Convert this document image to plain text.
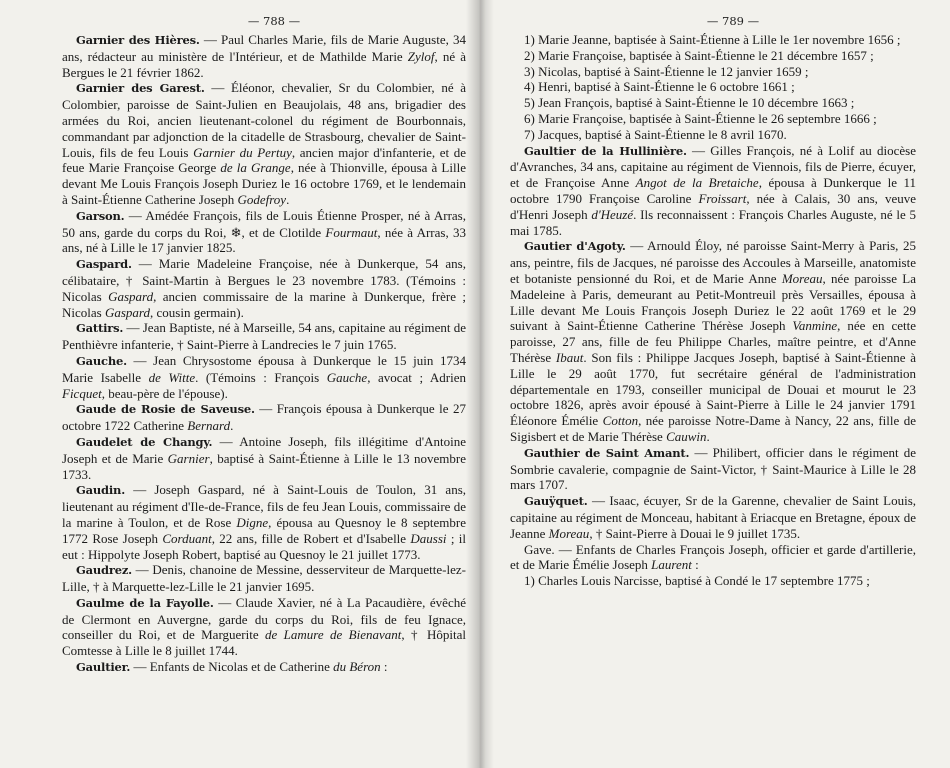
— 788 —

Garnier des Hières. — Paul Charles Marie, fils de Marie Auguste, 34 ans, rédacteur au ministère de l'Intérieur, et de Mathilde Marie Zylof, né à Bergues le 21 février 1862.

Garnier des Garest. — Éléonor, chevalier, Sr du Colombier, né à Colombier, paroisse de Saint-Julien en Beaujolais, 48 ans, brigadier des armées du Roi, ancien lieutenant-colonel du régiment de Bourbonnais, commandant par adjonction de la citadelle de Strasbourg, chevalier de Saint-Louis, fils de feu Louis Garnier du Pertuy, ancien major d'infanterie, et de feue Marie Françoise George de la Grange, née à Thionville, épousa à Lille devant Me Louis François Joseph Duriez le 16 octobre 1769, et le lendemain à Saint-Étienne Catherine Joseph Godefroy.

Garson. — Amédée François, fils de Louis Étienne Prosper, né à Arras, 50 ans, garde du corps du Roi, ❄, et de Clotilde Fourmaut, née à Arras, 33 ans, né à Lille le 17 janvier 1825.

Gaspard. — Marie Madeleine Françoise, née à Dunkerque, 54 ans, célibataire, † Saint-Martin à Bergues le 23 novembre 1783. (Témoins : Nicolas Gaspard, ancien commissaire de la marine à Dunkerque, frère ; Nicolas Gaspard, cousin germain).

Gattirs. — Jean Baptiste, né à Marseille, 54 ans, capitaine au régiment de Penthièvre infanterie, † Saint-Pierre à Landrecies le 7 juin 1765.

Gauche. — Jean Chrysostome épousa à Dunkerque le 15 juin 1734 Marie Isabelle de Witte. (Témoins : François Gauche, avocat ; Adrien Ficquet, beau-père de l'épouse).

Gaude de Rosie de Saveuse. — François épousa à Dunkerque le 27 octobre 1722 Catherine Bernard.

Gaudelet de Changy. — Antoine Joseph, fils illégitime d'Antoine Joseph et de Marie Garnier, baptisé à Saint-Étienne à Lille le 13 novembre 1733.

Gaudin. — Joseph Gaspard, né à Saint-Louis de Toulon, 31 ans, lieutenant au régiment d'Ile-de-France, fils de feu Jean Louis, commissaire de la marine à Toulon, et de Rose Digne, épousa au Quesnoy le 8 septembre 1772 Rose Joseph Corduant, 22 ans, fille de Robert et d'Isabelle Daussi ; il eut : Hippolyte Joseph Robert, baptisé au Quesnoy le 21 juillet 1773.

Gaudrez. — Denis, chanoine de Messine, desserviteur de Marquette-lez-Lille, † à Marquette-lez-Lille le 21 janvier 1695.

Gaulme de la Fayolle. — Claude Xavier, né à La Pacaudière, évêché de Clermont en Auvergne, garde du corps du Roi, fils de feu Ignace, conseiller du Roi, et de Marguerite de Lamure de Bienavant, † Hôpital Comtesse à Lille le 8 juillet 1744.

Gaultier. — Enfants de Nicolas et de Catherine du Béron :

— 789 —

1) Marie Jeanne, baptisée à Saint-Étienne à Lille le 1er novembre 1656 ;

2) Marie Françoise, baptisée à Saint-Étienne le 21 décembre 1657 ;

3) Nicolas, baptisé à Saint-Étienne le 12 janvier 1659 ;

4) Henri, baptisé à Saint-Étienne le 6 octobre 1661 ;

5) Jean François, baptisé à Saint-Étienne le 10 décembre 1663 ;

6) Marie Françoise, baptisée à Saint-Étienne le 26 septembre 1666 ;

7) Jacques, baptisé à Saint-Étienne le 8 avril 1670.

Gaultier de la Hullinière. — Gilles François, né à Lolif au diocèse d'Avranches, 34 ans, capitaine au régiment de Viennois, fils de Pierre, écuyer, et de Françoise Anne Angot de la Bretaiche, épousa à Dunkerque le 11 octobre 1790 Françoise Caroline Froissart, née à Calais, 30 ans, veuve d'Henri Joseph d'Heuzé. Ils reconnaissent : François Charles Auguste, né le 5 mai 1785.

Gautier d'Agoty. — Arnould Éloy, né paroisse Saint-Merry à Paris, 25 ans, peintre, fils de Jacques, né paroisse des Accoules à Marseille, anatomiste et botaniste pensionné du Roi, et de Marie Anne Moreau, née paroisse La Madeleine à Paris, demeurant au Petit-Montreuil près Versailles, épousa à Lille devant Me Louis François Joseph Duriez le 22 août 1769 et le 29 suivant à Saint-Étienne Catherine Thérèse Joseph Vanmine, née en cette paroisse, 27 ans, fille de feu Philippe Charles, maître peintre, et d'Anne Thérèse Ibaut. Son fils : Philippe Jacques Joseph, baptisé à Saint-Étienne à Lille le 29 août 1770, fut secrétaire général de l'administration départementale en 1793, conseiller municipal de Douai et mourut le 23 octobre 1826, après avoir épousé à Saint-Pierre à Lille le 24 janvier 1791 Éléonore Émélie Cotton, née paroisse Notre-Dame à Nancy, 22 ans, fille de Sigisbert et de Marie Thérèse Cauwin.

Gauthier de Saint Amant. — Philibert, officier dans le régiment de Sombrie cavalerie, compagnie de Saint-Victor, † Saint-Maurice à Lille le 28 mars 1707.

Gauÿquet. — Isaac, écuyer, Sr de la Garenne, chevalier de Saint Louis, capitaine au régiment de Monceau, habitant à Eriacque en Bretagne, époux de Jeanne Moreau, † Saint-Pierre à Douai le 9 juillet 1735.

Gave. — Enfants de Charles François Joseph, officier et garde d'artillerie, et de Marie Émélie Joseph Laurent :

1) Charles Louis Narcisse, baptisé à Condé le 17 septembre 1775 ;
